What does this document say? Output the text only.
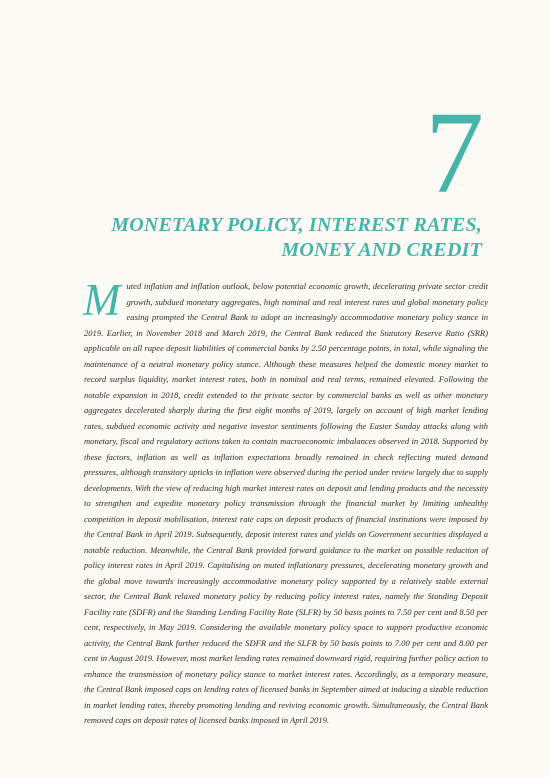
7
MONETARY POLICY, INTEREST RATES,
MONEY AND CREDIT
Muted inflation and inflation outlook, below potential economic growth, decelerating private sector credit growth, subdued monetary aggregates, high nominal and real interest rates and global monetary policy easing prompted the Central Bank to adopt an increasingly accommodative monetary policy stance in 2019. Earlier, in November 2018 and March 2019, the Central Bank reduced the Statutory Reserve Ratio (SRR) applicable on all rupee deposit liabilities of commercial banks by 2.50 percentage points, in total, while signaling the maintenance of a neutral monetary policy stance. Although these measures helped the domestic money market to record surplus liquidity, market interest rates, both in nominal and real terms, remained elevated. Following the notable expansion in 2018, credit extended to the private sector by commercial banks as well as other monetary aggregates decelerated sharply during the first eight months of 2019, largely on account of high market lending rates, subdued economic activity and negative investor sentiments following the Easter Sunday attacks along with monetary, fiscal and regulatory actions taken to contain macroeconomic imbalances observed in 2018. Supported by these factors, inflation as well as inflation expectations broadly remained in check reflecting muted demand pressures, although transitory upticks in inflation were observed during the period under review largely due to supply developments. With the view of reducing high market interest rates on deposit and lending products and the necessity to strengthen and expedite monetary policy transmission through the financial market by limiting unhealthy competition in deposit mobilisation, interest rate caps on deposit products of financial institutions were imposed by the Central Bank in April 2019. Subsequently, deposit interest rates and yields on Government securities displayed a notable reduction. Meanwhile, the Central Bank provided forward guidance to the market on possible reduction of policy interest rates in April 2019. Capitalising on muted inflationary pressures, decelerating monetary growth and the global move towards increasingly accommodative monetary policy supported by a relatively stable external sector, the Central Bank relaxed monetary policy by reducing policy interest rates, namely the Standing Deposit Facility rate (SDFR) and the Standing Lending Facility Rate (SLFR) by 50 basis points to 7.50 per cent and 8.50 per cent, respectively, in May 2019. Considering the available monetary policy space to support productive economic activity, the Central Bank further reduced the SDFR and the SLFR by 50 basis points to 7.00 per cent and 8.00 per cent in August 2019. However, most market lending rates remained downward rigid, requiring further policy action to enhance the transmission of monetary policy stance to market interest rates. Accordingly, as a temporary measure, the Central Bank imposed caps on lending rates of licensed banks in September aimed at inducing a sizable reduction in market lending rates, thereby promoting lending and reviving economic growth. Simultaneously, the Central Bank removed caps on deposit rates of licensed banks imposed in April 2019.
